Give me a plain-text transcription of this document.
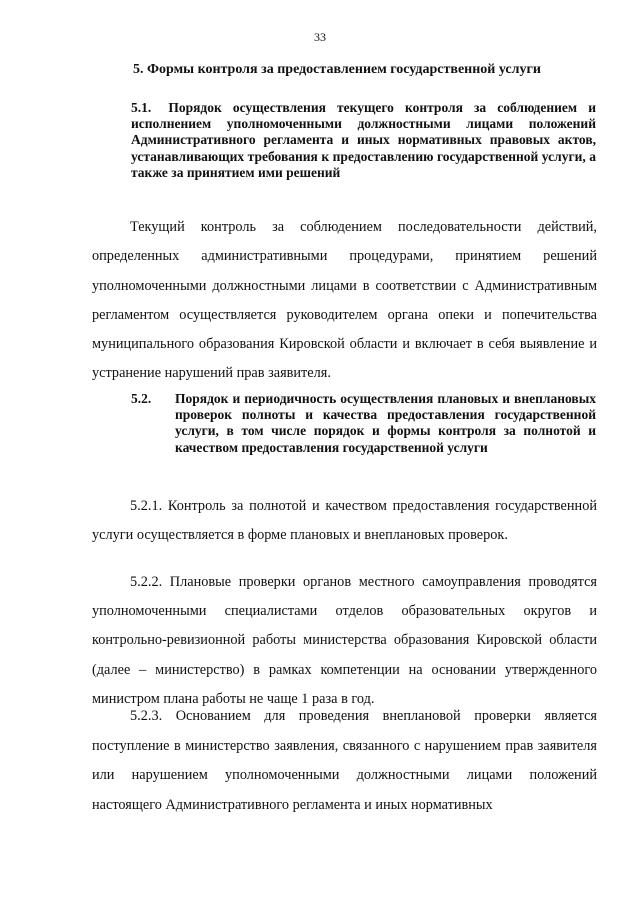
33
5. Формы контроля за предоставлением государственной услуги
5.1. Порядок осуществления текущего контроля за соблюдением и исполнением уполномоченными должностными лицами положений Административного регламента и иных нормативных правовых актов, устанавливающих требования к предоставлению государственной услуги, а также за принятием ими решений
Текущий контроль за соблюдением последовательности действий, определенных административными процедурами, принятием решений уполномоченными должностными лицами в соответствии с Административным регламентом осуществляется руководителем органа опеки и попечительства муниципального образования Кировской области и включает в себя выявление и устранение нарушений прав заявителя.
5.2. Порядок и периодичность осуществления плановых и внеплановых проверок полноты и качества предоставления государственной услуги, в том числе порядок и формы контроля за полнотой и качеством предоставления государственной услуги
5.2.1. Контроль за полнотой и качеством предоставления государственной услуги осуществляется в форме плановых и внеплановых проверок.
5.2.2. Плановые проверки органов местного самоуправления проводятся уполномоченными специалистами отделов образовательных округов и контрольно-ревизионной работы министерства образования Кировской области (далее – министерство) в рамках компетенции на основании утвержденного министром плана работы не чаще 1 раза в год.
5.2.3. Основанием для проведения внеплановой проверки является поступление в министерство заявления, связанного с нарушением прав заявителя или нарушением уполномоченными должностными лицами положений настоящего Административного регламента и иных нормативных
